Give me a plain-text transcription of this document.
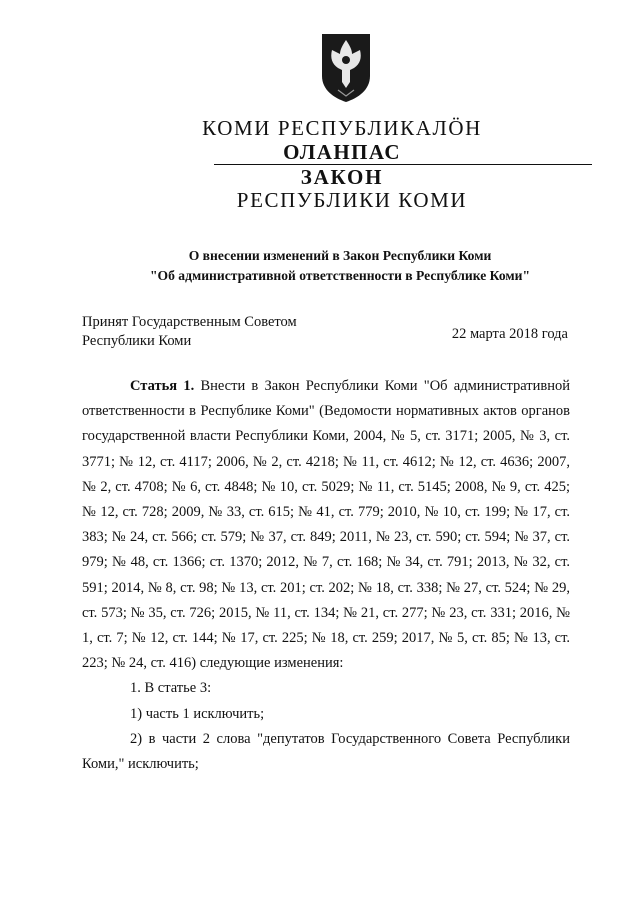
КОМИ РЕСПУБЛИКАЛÖН
ОЛАНПАС
ЗАКОН
РЕСПУБЛИКИ КОМИ
О внесении изменений в Закон Республики Коми
"Об административной ответственности в Республике Коми"
Принят Государственным Советом
Республики Коми	22 марта 2018 года

Статья 1. Внести в Закон Республики Коми "Об административной ответственности в Республике Коми" (Ведомости нормативных актов органов государственной власти Республики Коми, 2004, № 5, ст. 3171; 2005, № 3, ст. 3771; № 12, ст. 4117; 2006, № 2, ст. 4218; № 11, ст. 4612; № 12, ст. 4636; 2007, № 2, ст. 4708; № 6, ст. 4848; № 10, ст. 5029; № 11, ст. 5145; 2008, № 9, ст. 425; № 12, ст. 728; 2009, № 33, ст. 615; № 41, ст. 779; 2010, № 10, ст. 199; № 17, ст. 383; № 24, ст. 566; ст. 579; № 37, ст. 849; 2011, № 23, ст. 590; ст. 594; № 37, ст. 979; № 48, ст. 1366; ст. 1370; 2012, № 7, ст. 168; № 34, ст. 791; 2013, № 32, ст. 591; 2014, № 8, ст. 98; № 13, ст. 201; ст. 202; № 18, ст. 338; № 27, ст. 524; № 29, ст. 573; № 35, ст. 726; 2015, № 11, ст. 134; № 21, ст. 277; № 23, ст. 331; 2016, № 1, ст. 7; № 12, ст. 144; № 17, ст. 225; № 18, ст. 259; 2017, № 5, ст. 85; № 13, ст. 223; № 24, ст. 416) следующие изменения:

1. В статье 3:

1) часть 1 исключить;

2) в части 2 слова "депутатов Государственного Совета Республики Коми," исключить;
